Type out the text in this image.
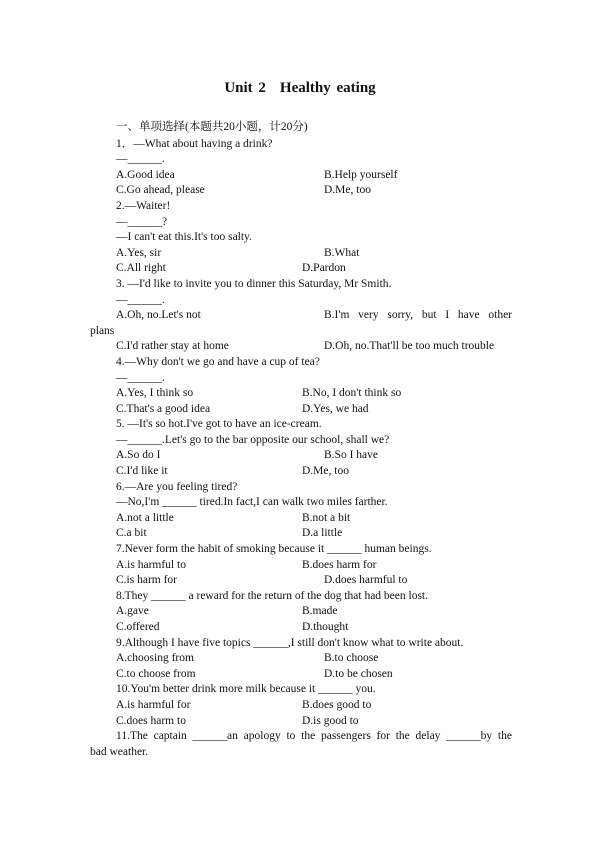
Unit 2 Healthy eating
一、单项选择(本题共20小题，计20分)
1．—What about having a drink?
—______.
A.Good idea	B.Help yourself
C.Go ahead, please	D.Me, too
2.—Waiter!
—______?
—I can't eat this.It's too salty.
A.Yes, sir	B.What
C.All right	D.Pardon
3. —I'd like to invite you to dinner this Saturday, Mr Smith.
—______.
A.Oh, no.Let's not	B.I'm very sorry, but I have other
plans
C.I'd rather stay at home	D.Oh, no.That'll be too much trouble
4.—Why don't we go and have a cup of tea?
—______.
A.Yes, I think so	B.No, I don't think so
C.That's a good idea	D.Yes, we had
5. —It's so hot.I've got to have an ice-cream.
—______.Let's go to the bar opposite our school, shall we?
A.So do I	B.So I have
C.I'd like it	D.Me, too
6.—Are you feeling tired?
—No,I'm ______ tired.In fact,I can walk two miles farther.
A.not a little	B.not a bit
C.a bit	D.a little
7.Never form the habit of smoking because it ______ human beings.
A.is harmful to	B.does harm for
C.is harm for	D.does harmful to
8.They ______ a reward for the return of the dog that had been lost.
A.gave	B.made
C.offered	D.thought
9.Although I have five topics ______,I still don't know what to write about.
A.choosing from	B.to choose
C.to choose from	D.to be chosen
10.You'm better drink more milk because it ______ you.
A.is harmful for	B.does good to
C.does harm to	D.is good to
11.The captain ______an apology to the passengers for the delay ______by the
bad weather.
